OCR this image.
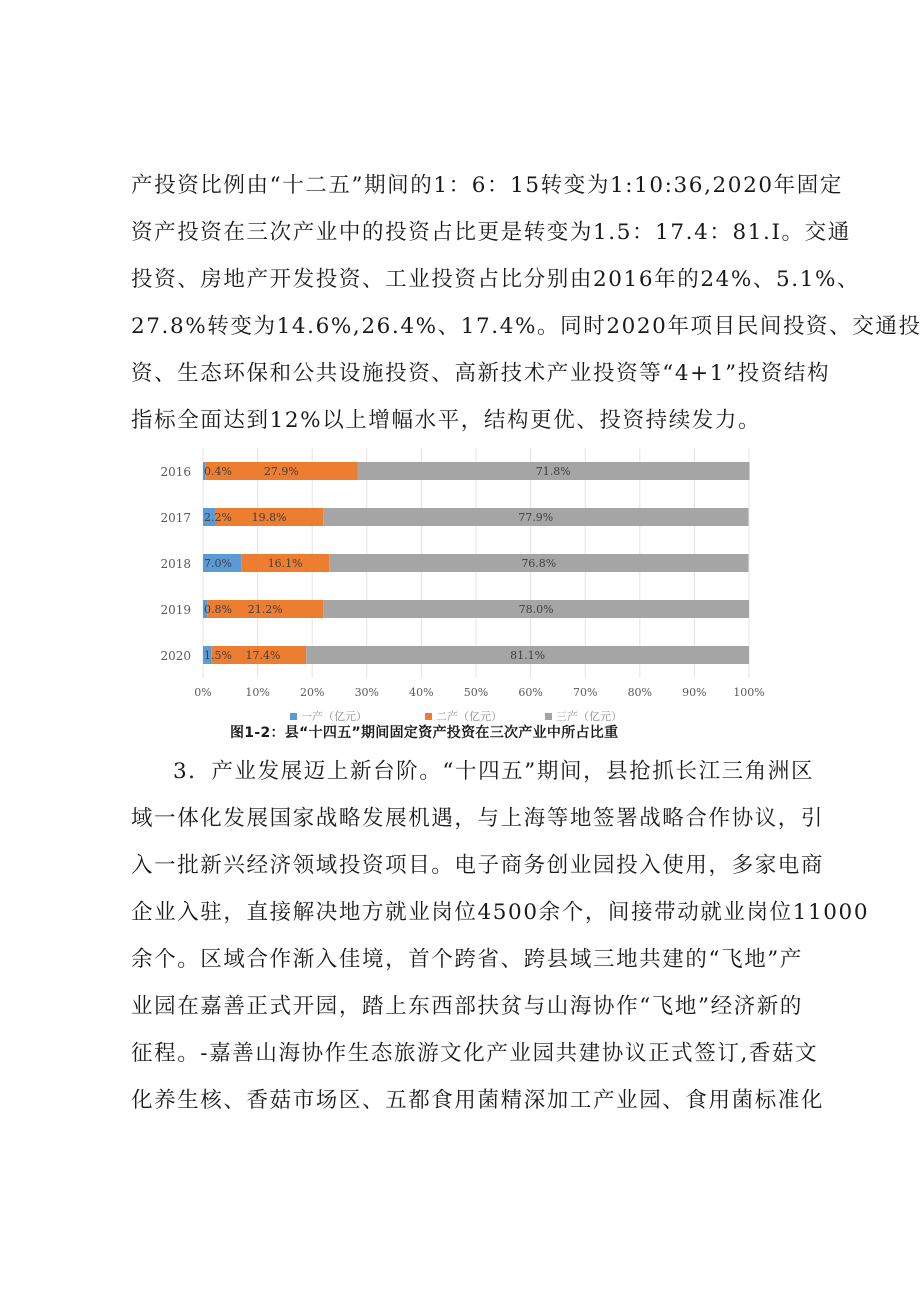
产投资比例由“十二五”期间的1：6：15转变为1:10:36,2020年固定
资产投资在三次产业中的投资占比更是转变为1.5：17.4：81.I。交通
投资、房地产开发投资、工业投资占比分别由2016年的24%、5.1%、
27.8%转变为14.6%,26.4%、17.4%。同时2020年项目民间投资、交通投
资、生态环保和公共设施投资、高新技术产业投资等“4+1”投资结构
指标全面达到12%以上增幅水平，结构更优、投资持续发力。
2016
2017
2018
2019
2020
0.4%	27.9%	71.8%
2.2% 19.8%	77.9%
7.0%	16.1%	76.8%
0.8% 21.2%	78.0%
1.5% 17.4%	81.1%
0%	10%	20%	30%	40%	50%	60%	70%	80%	90% 100%
一产（亿元）	二产（亿元）	三产（亿元）
图1-2：县“十四五”期间固定资产投资在三次产业中所占比重
3．产业发展迈上新台阶。“十四五”期间，县抢抓长江三角洲区
域一体化发展国家战略发展机遇，与上海等地签署战略合作协议，引
入一批新兴经济领域投资项目。电子商务创业园投入使用，多家电商
企业入驻，直接解决地方就业岗位4500余个，间接带动就业岗位11000
余个。区域合作渐入佳境，首个跨省、跨县域三地共建的“飞地”产
业园在嘉善正式开园，踏上东西部扶贫与山海协作“飞地”经济新的
征程。-嘉善山海协作生态旅游文化产业园共建协议正式签订,香菇文
化养生核、香菇市场区、五都食用菌精深加工产业园、食用菌标准化
